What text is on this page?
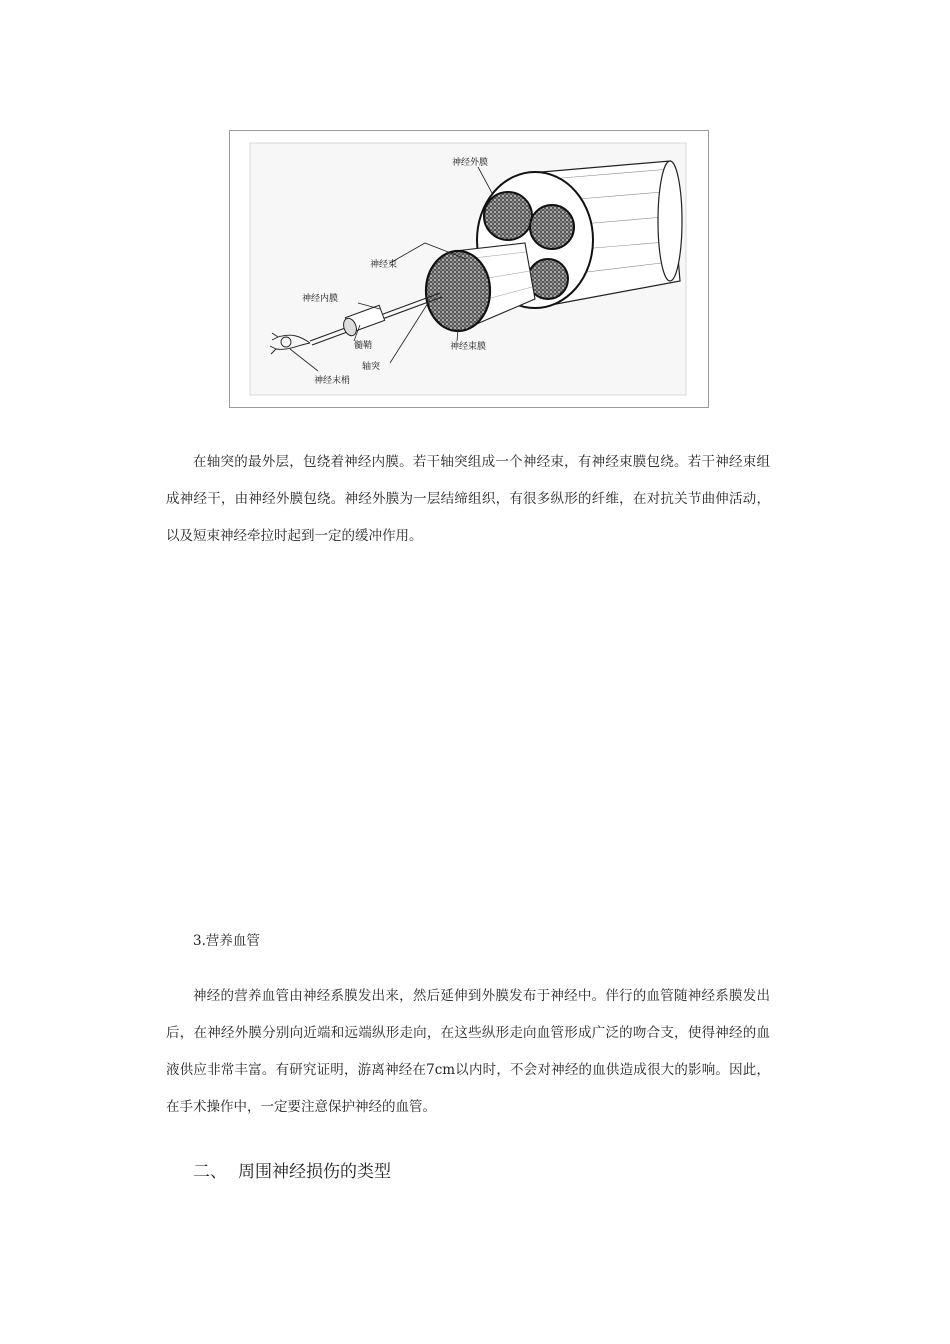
神经外膜
神经束
神经内膜
髓鞘
轴突
神经束膜
神经末梢

在轴突的最外层，包绕着神经内膜。若干轴突组成一个神经束，有神经束膜包绕。若干神经束组成神经干，由神经外膜包绕。神经外膜为一层结缔组织，有很多纵形的纤维，在对抗关节曲伸活动，以及短束神经牵拉时起到一定的缓冲作用。

3.营养血管

神经的营养血管由神经系膜发出来，然后延伸到外膜发布于神经中。伴行的血管随神经系膜发出后，在神经外膜分别向近端和远端纵形走向，在这些纵形走向血管形成广泛的吻合支，使得神经的血液供应非常丰富。有研究证明，游离神经在7cm以内时，不会对神经的血供造成很大的影响。因此，在手术操作中，一定要注意保护神经的血管。

二、 周围神经损伤的类型
